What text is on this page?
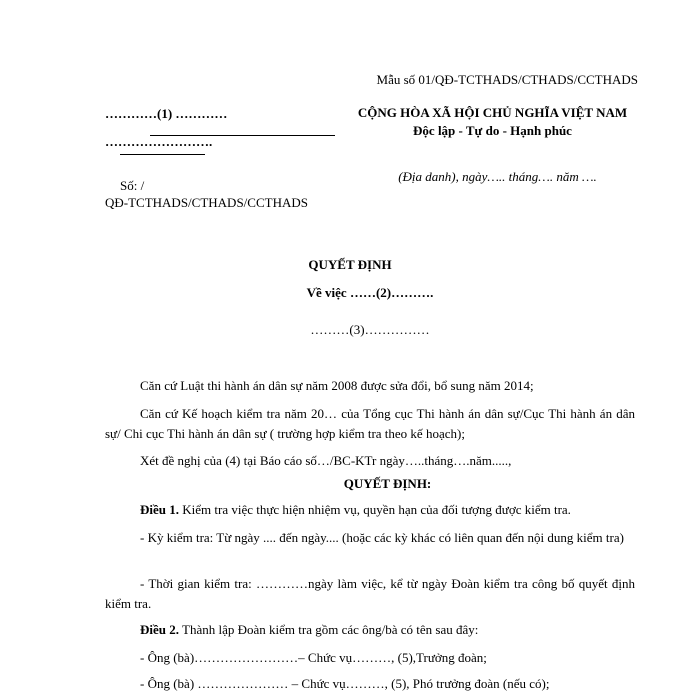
Mẫu số 01/QĐ-TCTHADS/CTHADS/CCTHADS
…………(1) …………
…………………….
Số: /
QĐ-TCTHADS/CTHADS/CCTHADS
CỘNG HÒA XÃ HỘI CHỦ NGHĨA VIỆT NAM
Độc lập - Tự do - Hạnh phúc
(Địa danh), ngày….. tháng…. năm ….
QUYẾT ĐỊNH
Về việc ……(2)……….
………(3)……………
Căn cứ Luật thi hành án dân sự năm 2008 được sửa đổi, bổ sung năm 2014;
Căn cứ Kế hoạch kiểm tra năm 20… của Tổng cục Thi hành án dân sự/Cục Thi hành án dân sự/ Chi cục Thi hành án dân sự ( trường hợp kiểm tra theo kế hoạch);
Xét đề nghị của (4) tại Báo cáo số…/BC-KTr ngày…..tháng….năm.....,
QUYẾT ĐỊNH:
Điều 1. Kiểm tra việc thực hiện nhiệm vụ, quyền hạn của đối tượng được kiểm tra.
- Kỳ kiểm tra: Từ ngày .... đến ngày.... (hoặc các kỳ khác có liên quan đến nội dung kiểm tra)
- Thời gian kiểm tra: …………ngày làm việc, kể từ ngày Đoàn kiểm tra công bố quyết định kiểm tra.
Điều 2. Thành lập Đoàn kiểm tra gồm các ông/bà có tên sau đây:
- Ông (bà)……………………– Chức vụ………, (5),Trưởng đoàn;
- Ông (bà) ………………… – Chức vụ………, (5), Phó trưởng đoàn (nếu có);
